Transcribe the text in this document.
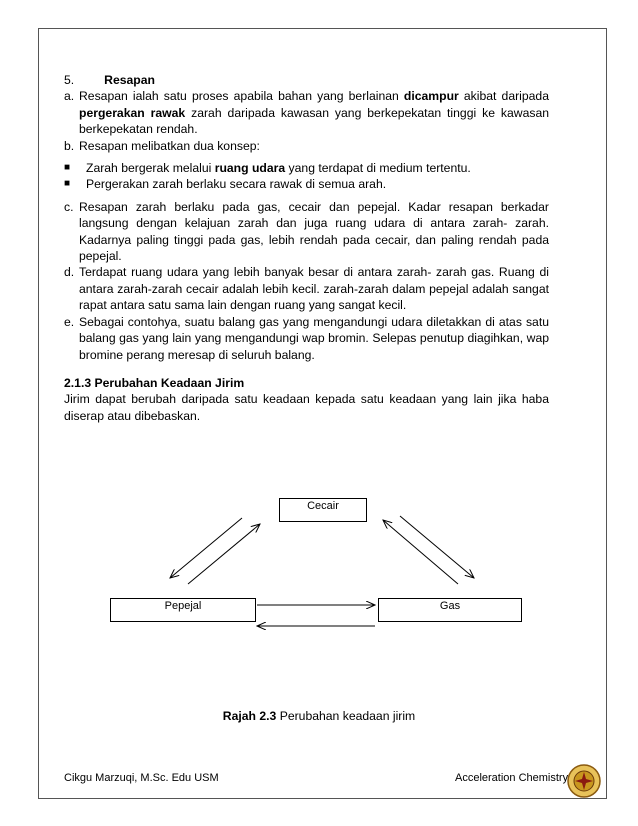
5. Resapan

a. Resapan ialah satu proses apabila bahan yang berlainan dicampur akibat daripada pergerakan rawak zarah daripada kawasan yang berkepekatan tinggi ke kawasan berkepekatan rendah.
b. Resapan melibatkan dua konsep:
■	Zarah bergerak melalui ruang udara yang terdapat di medium tertentu.
■	Pergerakan zarah berlaku secara rawak di semua arah.
c. Resapan zarah berlaku pada gas, cecair dan pepejal. Kadar resapan berkadar langsung dengan kelajuan zarah dan juga ruang udara di antara zarah- zarah. Kadarnya paling tinggi pada gas, lebih rendah pada cecair, dan paling rendah pada pepejal.
d. Terdapat ruang udara yang lebih banyak besar di antara zarah- zarah gas. Ruang di antara zarah-zarah cecair adalah lebih kecil. zarah-zarah dalam pepejal adalah sangat rapat antara satu sama lain dengan ruang yang sangat kecil.
e. Sebagai contohya, suatu balang gas yang mengandungi udara diletakkan di atas satu balang gas yang lain yang mengandungi wap bromin. Selepas penutup diagihkan, wap bromine perang meresap di seluruh balang.

2.1.3 Perubahan Keadaan Jirim

Jirim dapat berubah daripada satu keadaan kepada satu keadaan yang lain jika haba diserap atau dibebaskan.

Cecair
Pepejal	Gas
Rajah 2.3 Perubahan keadaan jirim
Cikgu Marzuqi, M.Sc. Edu USM	Acceleration Chemistry
